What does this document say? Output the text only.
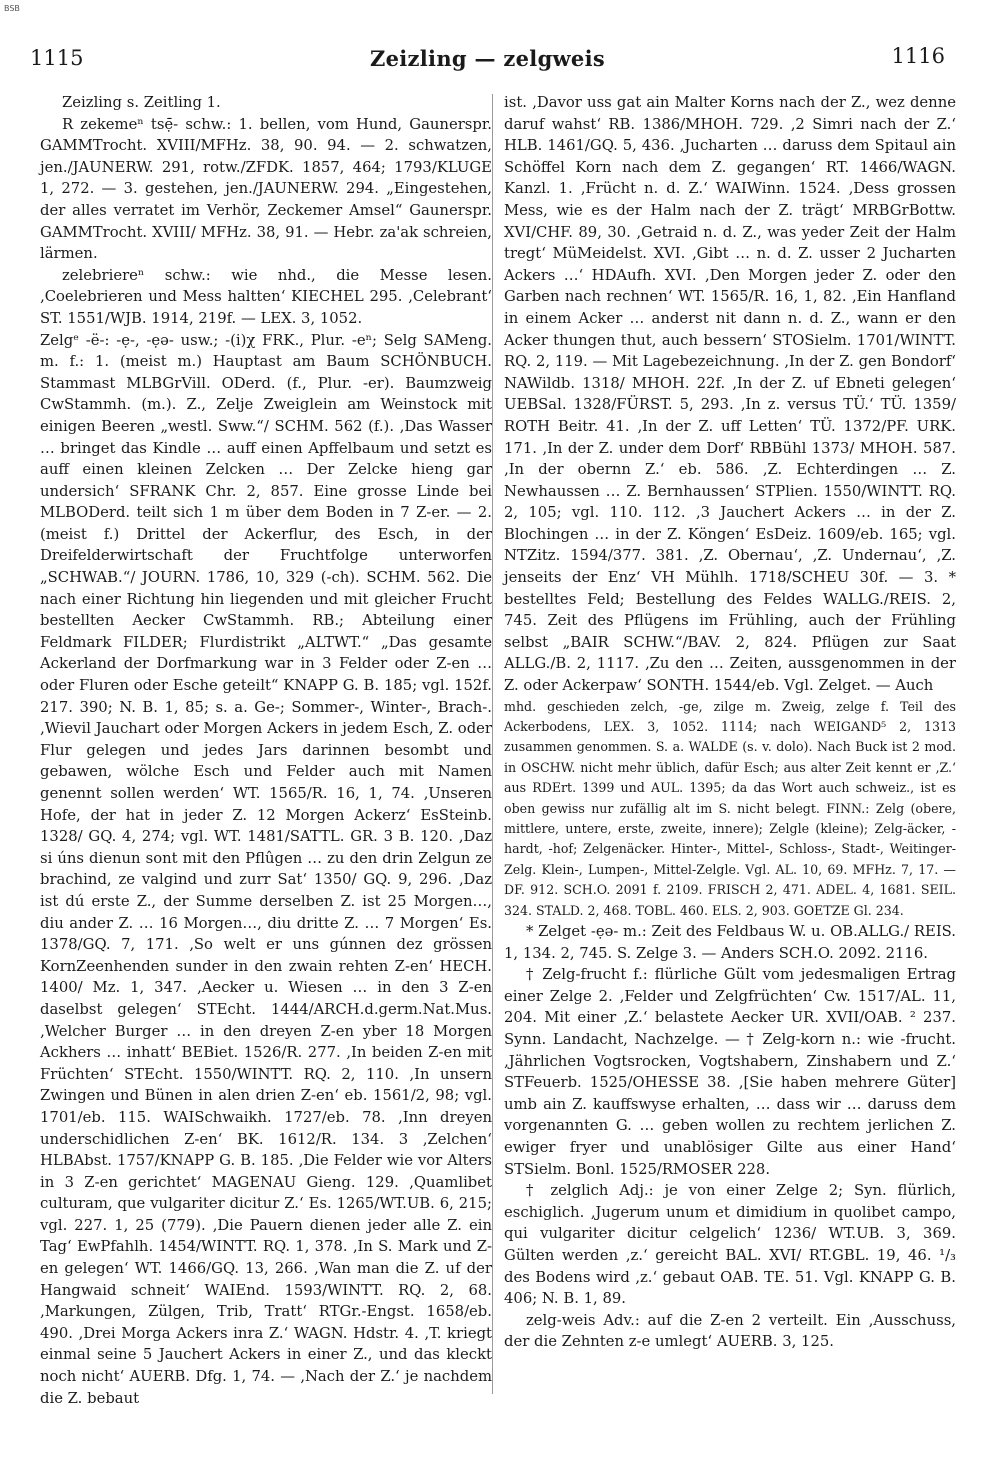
BSB
1115	Zeizling — zelgweis	1116

Zeizling s. Zeitling 1.

R zekemeⁿ tsẹ̄- schw.: 1. bellen, vom Hund, Gaunerspr. GAMMTrocht. XVIII/MFHz. 38, 90. 94. — 2. schwatzen, jen./JAUNERW. 291, rotw./ZFDK. 1857, 464; 1793/KLUGE 1, 272. — 3. gestehen, jen./JAUNERW. 294. „Eingestehen, der alles verratet im Verhör, Zeckemer Amsel“ Gaunerspr. GAMMTrocht. XVIII/ MFHz. 38, 91. — Hebr. za'ak schreien, lärmen.

zelebriereⁿ schw.: wie nhd., die Messe lesen. ‚Coelebrieren und Mess haltten‘ KIECHEL 295. ‚Celebrant‘ ST. 1551/WJB. 1914, 219f. — LEX. 3, 1052.

Zelgᵉ -ë-: -ẹ-, -ẹə- usw.; -(i)χ FRK., Plur. -eⁿ; Selg SAMeng. m. f.: 1. (meist m.) Hauptast am Baum SCHÖNBUCH. Stammast MLBGrVill. ODerd. (f., Plur. -er). Baumzweig CwStammh. (m.). Z., Zelje Zweiglein am Weinstock mit einigen Beeren „westl. Sww.“/ SCHM. 562 (f.). ‚Das Wasser … bringet das Kindle … auff einen Apffelbaum und setzt es auff einen kleinen Zelcken … Der Zelcke hieng gar undersich‘ SFRANK Chr. 2, 857. Eine grosse Linde bei MLBODerd. teilt sich 1 m über dem Boden in 7 Z-er. — 2. (meist f.) Drittel der Ackerflur, des Esch, in der Dreifelderwirtschaft der Fruchtfolge unterworfen „SCHWAB.“/ JOURN. 1786, 10, 329 (-ch). SCHM. 562. Die nach einer Richtung hin liegenden und mit gleicher Frucht bestellten Aecker CwStammh. RB.; Abteilung einer Feldmark FILDER; Flurdistrikt „ALTWT.“ „Das gesamte Ackerland der Dorfmarkung war in 3 Felder oder Z-en … oder Fluren oder Esche geteilt“ KNAPP G. B. 185; vgl. 152f. 217. 390; N. B. 1, 85; s. a. Ge-; Sommer-, Winter-, Brach-. ‚Wievil Jauchart oder Morgen Ackers in jedem Esch, Z. oder Flur gelegen und jedes Jars darinnen besombt und gebawen, wölche Esch und Felder auch mit Namen genennt sollen werden‘ WT. 1565/R. 16, 1, 74. ‚Unseren Hofe, der hat in jeder Z. 12 Morgen Ackerz‘ EsSteinb. 1328/ GQ. 4, 274; vgl. WT. 1481/SATTL. GR. 3 B. 120. ‚Daz si úns dienun sont mit den Pflûgen … zu den drin Zelgun ze brachind, ze valgind und zurr Sat‘ 1350/ GQ. 9, 296. ‚Daz ist dú erste Z., der Summe derselben Z. ist 25 Morgen…, diu ander Z. … 16 Morgen…, diu dritte Z. … 7 Morgen‘ Es. 1378/GQ. 7, 171. ‚So welt er uns gúnnen dez grössen KornZeenhenden sunder in den zwain rehten Z-en‘ HECH. 1400/ Mz. 1, 347. ‚Aecker u. Wiesen … in den 3 Z-en daselbst gelegen‘ STEcht. 1444/ARCH.d.germ.Nat.Mus. ‚Welcher Burger … in den dreyen Z-en yber 18 Morgen Ackhers … inhatt‘ BEBiet. 1526/R. 277. ‚In beiden Z-en mit Früchten‘ STEcht. 1550/WINTT. RQ. 2, 110. ‚In unsern Zwingen und Bünen in alen drien Z-en‘ eb. 1561/2, 98; vgl. 1701/eb. 115. WAISchwaikh. 1727/eb. 78. ‚Inn dreyen underschidlichen Z-en‘ BK. 1612/R. 134. 3 ‚Zelchen‘ HLBAbst. 1757/KNAPP G. B. 185. ‚Die Felder wie vor Alters in 3 Z-en gerichtet‘ MAGENAU Gieng. 129. ‚Quamlibet culturam, que vulgariter dicitur Z.‘ Es. 1265/WT.UB. 6, 215; vgl. 227. 1, 25 (779). ‚Die Pauern dienen jeder alle Z. ein Tag‘ EwPfahlh. 1454/WINTT. RQ. 1, 378. ‚In S. Mark und Z-en gelegen‘ WT. 1466/GQ. 13, 266. ‚Wan man die Z. uf der Hangwaid schneit‘ WAIEnd. 1593/WINTT. RQ. 2, 68. ‚Markungen, Zülgen, Trib, Tratt‘ RTGr.-Engst. 1658/eb. 490. ‚Drei Morga Ackers inra Z.‘ WAGN. Hdstr. 4. ‚T. kriegt einmal seine 5 Jauchert Ackers in einer Z., und das kleckt noch nicht‘ AUERB. Dfg. 1, 74. — ‚Nach der Z.‘ je nachdem die Z. bebaut

ist. ‚Davor uss gat ain Malter Korns nach der Z., wez denne daruf wahst‘ RB. 1386/MHOH. 729. ‚2 Simri nach der Z.‘ HLB. 1461/GQ. 5, 436. ‚Jucharten … daruss dem Spitaul ain Schöffel Korn nach dem Z. gegangen‘ RT. 1466/WAGN. Kanzl. 1. ‚Frücht n. d. Z.‘ WAIWinn. 1524. ‚Dess grossen Mess, wie es der Halm nach der Z. trägt‘ MRBGrBottw. XVI/CHF. 89, 30. ‚Getraid n. d. Z., was yeder Zeit der Halm tregt‘ MüMeidelst. XVI. ‚Gibt … n. d. Z. usser 2 Jucharten Ackers …‘ HDAufh. XVI. ‚Den Morgen jeder Z. oder den Garben nach rechnen‘ WT. 1565/R. 16, 1, 82. ‚Ein Hanfland in einem Acker … anderst nit dann n. d. Z., wann er den Acker thungen thut, auch bessern‘ STOSielm. 1701/WINTT. RQ. 2, 119. — Mit Lagebezeichnung. ‚In der Z. gen Bondorf‘ NAWildb. 1318/ MHOH. 22f. ‚In der Z. uf Ebneti gelegen‘ UEBSal. 1328/FÜRST. 5, 293. ‚In z. versus TÜ.‘ TÜ. 1359/ ROTH Beitr. 41. ‚In der Z. uff Letten‘ TÜ. 1372/PF. URK. 171. ‚In der Z. under dem Dorf‘ RBBühl 1373/ MHOH. 587. ‚In der obernn Z.‘ eb. 586. ‚Z. Echterdingen … Z. Newhaussen … Z. Bernhaussen‘ STPlien. 1550/WINTT. RQ. 2, 105; vgl. 110. 112. ‚3 Jauchert Ackers … in der Z. Blochingen … in der Z. Köngen‘ EsDeiz. 1609/eb. 165; vgl. NTZitz. 1594/377. 381. ‚Z. Obernau‘, ‚Z. Undernau‘, ‚Z. jenseits der Enz‘ VH Mühlh. 1718/SCHEU 30f. — 3. * bestelltes Feld; Bestellung des Feldes WALLG./REIS. 2, 745. Zeit des Pflügens im Frühling, auch der Frühling selbst „BAIR SCHW.“/BAV. 2, 824. Pflügen zur Saat ALLG./B. 2, 1117. ‚Zu den … Zeiten, aussgenommen in der Z. oder Ackerpaw‘ SONTH. 1544/eb. Vgl. Zelget. — Auch

mhd. geschieden zelch, -ge, zilge m. Zweig, zelge f. Teil des Ackerbodens, LEX. 3, 1052. 1114; nach WEIGAND⁵ 2, 1313 zusammen genommen. S. a. WALDE (s. v. dolo). Nach Buck ist 2 mod. in OSCHW. nicht mehr üblich, dafür Esch; aus alter Zeit kennt er ‚Z.‘ aus RDErt. 1399 und AUL. 1395; da das Wort auch schweiz., ist es oben gewiss nur zufällig alt im S. nicht belegt. FINN.: Zelg (obere, mittlere, untere, erste, zweite, innere); Zelgle (kleine); Zelg-äcker, -hardt, -hof; Zelgenäcker. Hinter-, Mittel-, Schloss-, Stadt-, Weitinger-Zelg. Klein-, Lumpen-, Mittel-Zelgle. Vgl. AL. 10, 69. MFHz. 7, 17. — DF. 912. SCH.O. 2091 f. 2109. FRISCH 2, 471. ADEL. 4, 1681. SEIL. 324. STALD. 2, 468. TOBL. 460. ELS. 2, 903. GOETZE Gl. 234.

* Zelget -ẹə- m.: Zeit des Feldbaus W. u. OB.ALLG./ REIS. 1, 134. 2, 745. S. Zelge 3. — Anders SCH.O. 2092. 2116.

† Zelg-frucht f.: flürliche Gült vom jedesmaligen Ertrag einer Zelge 2. ‚Felder und Zelgfrüchten‘ Cw. 1517/AL. 11, 204. Mit einer ‚Z.‘ belastete Aecker UR. XVII/OAB. ² 237. Synn. Landacht, Nachzelge. — † Zelg-korn n.: wie -frucht. ‚Jährlichen Vogtsrocken, Vogtshabern, Zinshabern und Z.‘ STFeuerb. 1525/OHESSE 38. ‚[Sie haben mehrere Güter] umb ain Z. kauffswyse erhalten, … dass wir … daruss dem vorgenannten G. … geben wollen zu rechtem jerlichen Z. ewiger fryer und unablösiger Gilte aus einer Hand‘ STSielm. Bonl. 1525/RMOSER 228.

† zelglich Adj.: je von einer Zelge 2; Syn. flürlich, eschiglich. ‚Jugerum unum et dimidium in quolibet campo, qui vulgariter dicitur celgelich‘ 1236/ WT.UB. 3, 369. Gülten werden ‚z.‘ gereicht BAL. XVI/ RT.GBL. 19, 46. ¹/₃ des Bodens wird ‚z.‘ gebaut OAB. TE. 51. Vgl. KNAPP G. B. 406; N. B. 1, 89.

zelg-weis Adv.: auf die Z-en 2 verteilt. Ein ‚Ausschuss, der die Zehnten z-e umlegt‘ AUERB. 3, 125.
